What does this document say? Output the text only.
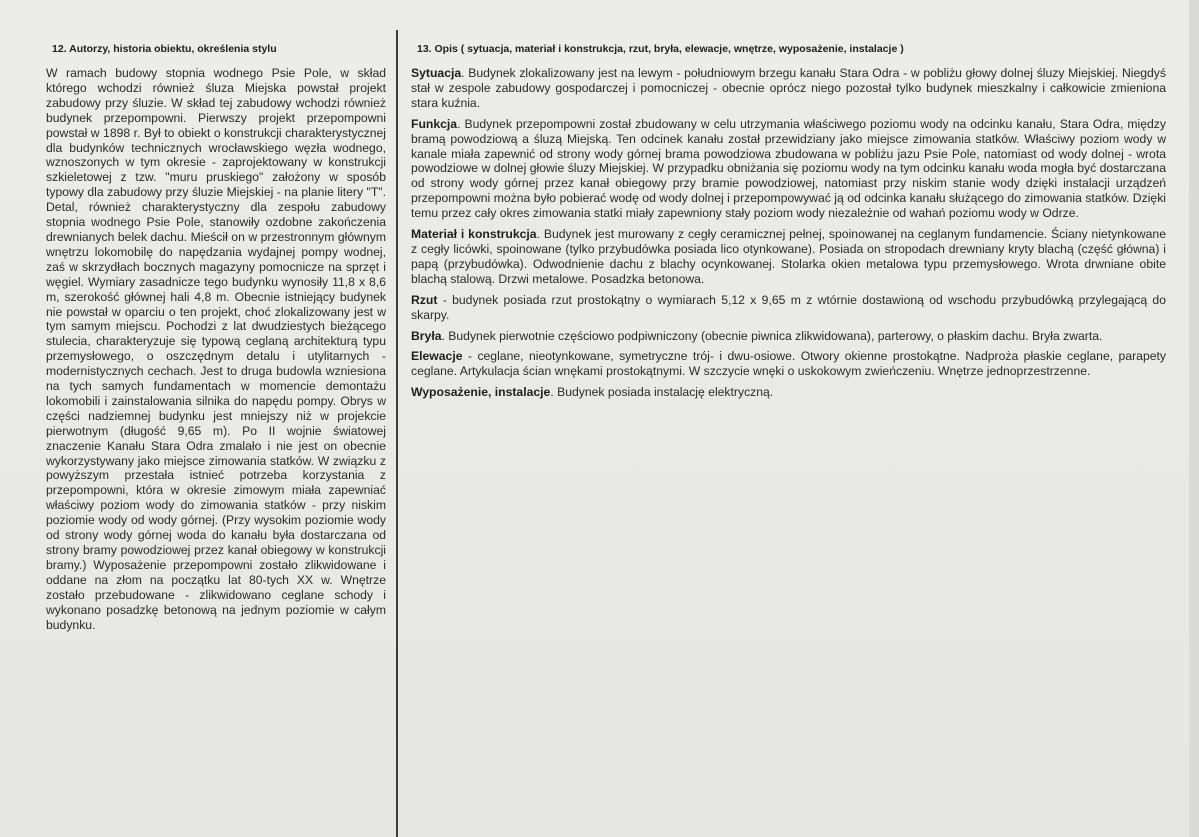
12. Autorzy, historia obiektu, określenia stylu	13. Opis ( sytuacja, materiał i konstrukcja, rzut, bryła, elewacje, wnętrze, wyposażenie, instalacje )
W ramach budowy stopnia wodnego Psie Pole, w skład którego wchodzi również śluza Miejska powstał projekt zabudowy przy śluzie. W skład tej zabudowy wchodzi również budynek przepompowni. Pierwszy projekt przepompowni powstał w 1898 r. Był to obiekt o konstrukcji charakterystycznej dla budynków technicznych wrocławskiego węzła wodnego, wznoszonych w tym okresie - zaprojektowany w konstrukcji szkieletowej z tzw. "muru pruskiego" założony w sposób typowy dla zabudowy przy śluzie Miejskiej - na planie litery "T". Detal, również charakterystyczny dla zespołu zabudowy stopnia wodnego Psie Pole, stanowiły ozdobne zakończenia drewnianych belek dachu. Mieścił on w przestronnym głównym wnętrzu lokomobilę do napędzania wydajnej pompy wodnej, zaś w skrzydłach bocznych magazyny pomocnicze na sprzęt i węgiel. Wymiary zasadnicze tego budynku wynosiły 11,8 x 8,6 m, szerokość głównej hali 4,8 m. Obecnie istniejący budynek nie powstał w oparciu o ten projekt, choć zlokalizowany jest w tym samym miejscu. Pochodzi z lat dwudziestych bieżącego stulecia, charakteryzuje się typową ceglaną architekturą typu przemysłowego, o oszczędnym detalu i utylitarnych - modernistycznych cechach. Jest to druga budowla wzniesiona na tych samych fundamentach w momencie demontażu lokomobili i zainstalowania silnika do napędu pompy. Obrys w części nadziemnej budynku jest mniejszy niż w projekcie pierwotnym (długość 9,65 m). Po II wojnie światowej znaczenie Kanału Stara Odra zmalało i nie jest on obecnie wykorzystywany jako miejsce zimowania statków. W związku z powyższym przestała istnieć potrzeba korzystania z przepompowni, która w okresie zimowym miała zapewniać właściwy poziom wody do zimowania statków - przy niskim poziomie wody od wody górnej. (Przy wysokim poziomie wody od strony wody górnej woda do kanału była dostarczana od strony bramy powodziowej przez kanał obiegowy w konstrukcji bramy.) Wyposażenie przepompowni zostało zlikwidowane i oddane na złom na początku lat 80-tych XX w. Wnętrze zostało przebudowane - zlikwidowano ceglane schody i wykonano posadzkę betonową na jednym poziomie w całym budynku.

Sytuacja. Budynek zlokalizowany jest na lewym - południowym brzegu kanału Stara Odra - w pobliżu głowy dolnej śluzy Miejskiej. Niegdyś stał w zespole zabudowy gospodarczej i pomocniczej - obecnie oprócz niego pozostał tylko budynek mieszkalny i całkowicie zmieniona stara kuźnia.

Funkcja. Budynek przepompowni został zbudowany w celu utrzymania właściwego poziomu wody na odcinku kanału, Stara Odra, między bramą powodziową a śluzą Miejską. Ten odcinek kanału został przewidziany jako miejsce zimowania statków. Właściwy poziom wody w kanale miała zapewnić od strony wody górnej brama powodziowa zbudowana w pobliżu jazu Psie Pole, natomiast od wody dolnej - wrota powodziowe w dolnej głowie śluzy Miejskiej. W przypadku obniżania się poziomu wody na tym odcinku kanału woda mogła być dostarczana od strony wody górnej przez kanał obiegowy przy bramie powodziowej, natomiast przy niskim stanie wody dzięki instalacji urządzeń przepompowni można było pobierać wodę od wody dolnej i przepompowywać ją od odcinka kanału służącego do zimowania statków. Dzięki temu przez cały okres zimowania statki miały zapewniony stały poziom wody niezależnie od wahań poziomu wody w Odrze.

Materiał i konstrukcja. Budynek jest murowany z cegły ceramicznej pełnej, spoinowanej na ceglanym fundamencie. Ściany nietynkowane z cegły licówki, spoinowane (tylko przybudówka posiada lico otynkowane). Posiada on stropodach drewniany kryty blachą (część główna) i papą (przybudówka). Odwodnienie dachu z blachy ocynkowanej. Stolarka okien metalowa typu przemysłowego. Wrota drwniane obite blachą stalową. Drzwi metalowe. Posadzka betonowa.

Rzut - budynek posiada rzut prostokątny o wymiarach 5,12 x 9,65 m z wtórnie dostawioną od wschodu przybudówką przylegającą do skarpy.

Bryła. Budynek pierwotnie częściowo podpiwniczony (obecnie piwnica zlikwidowana), parterowy, o płaskim dachu. Bryła zwarta.

Elewacje - ceglane, nieotynkowane, symetryczne trój- i dwu-osiowe. Otwory okienne prostokątne. Nadproża płaskie ceglane, parapety ceglane. Artykulacja ścian wnękami prostokątnymi. W szczycie wnęki o uskokowym zwieńczeniu. Wnętrze jednoprzestrzenne.

Wyposażenie, instalacje. Budynek posiada instalację elektryczną.
